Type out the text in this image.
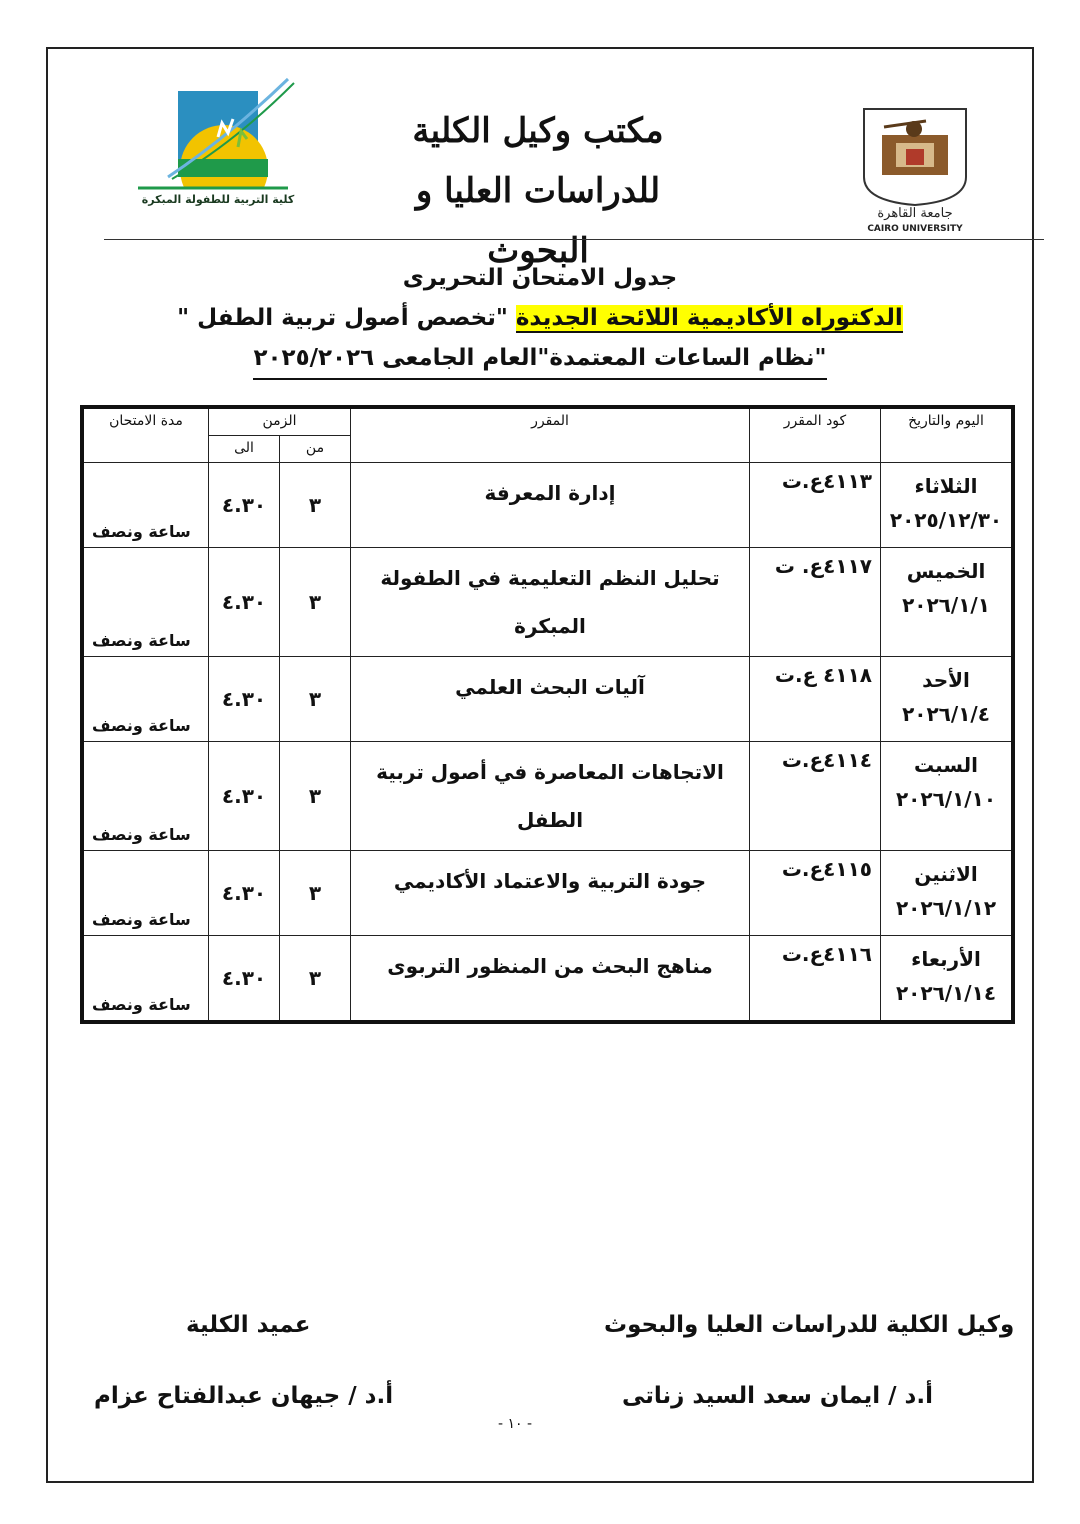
كلية التربية للطفولة المبكرة
مكتب وكيل الكلية
للدراسات العليا و البحوث
جامعة القاهرة
CAIRO UNIVERSITY
جدول الامتحان التحريرى
الدكتوراه الأكاديمية اللائحة الجديدة "تخصص أصول تربية الطفل "
"نظام الساعات المعتمدة"العام الجامعى ٢٠٢٥/٢٠٢٦
اليوم والتاريخ	كود المقرر	المقرر	الزمن		مدة الامتحان
			من	الى	

الثلاثاء
٢٠٢٥/١٢/٣٠	٤١١٣ع.ت	إدارة المعرفة	٣	٤.٣٠	ساعة ونصف

الخميس
٢٠٢٦/١/١	٤١١٧ع. ت	تحليل النظم التعليمية في الطفولة المبكرة	٣	٤.٣٠	ساعة ونصف

الأحد
٢٠٢٦/١/٤	٤١١٨ ع.ت	آليات البحث العلمي	٣	٤.٣٠	ساعة ونصف

السبت
٢٠٢٦/١/١٠	٤١١٤ع.ت	الاتجاهات المعاصرة في أصول تربية الطفل	٣	٤.٣٠	ساعة ونصف

الاثنين
٢٠٢٦/١/١٢	٤١١٥ع.ت	جودة التربية والاعتماد الأكاديمي	٣	٤.٣٠	ساعة ونصف

الأربعاء
٢٠٢٦/١/١٤	٤١١٦ع.ت	مناهج البحث من المنظور التربوى	٣	٤.٣٠	ساعة ونصف
وكيل الكلية للدراسات العليا والبحوث
عميد الكلية
أ.د / ايمان سعد السيد زناتى
أ.د / جيهان عبدالفتاح عزام
- ١٠ -
